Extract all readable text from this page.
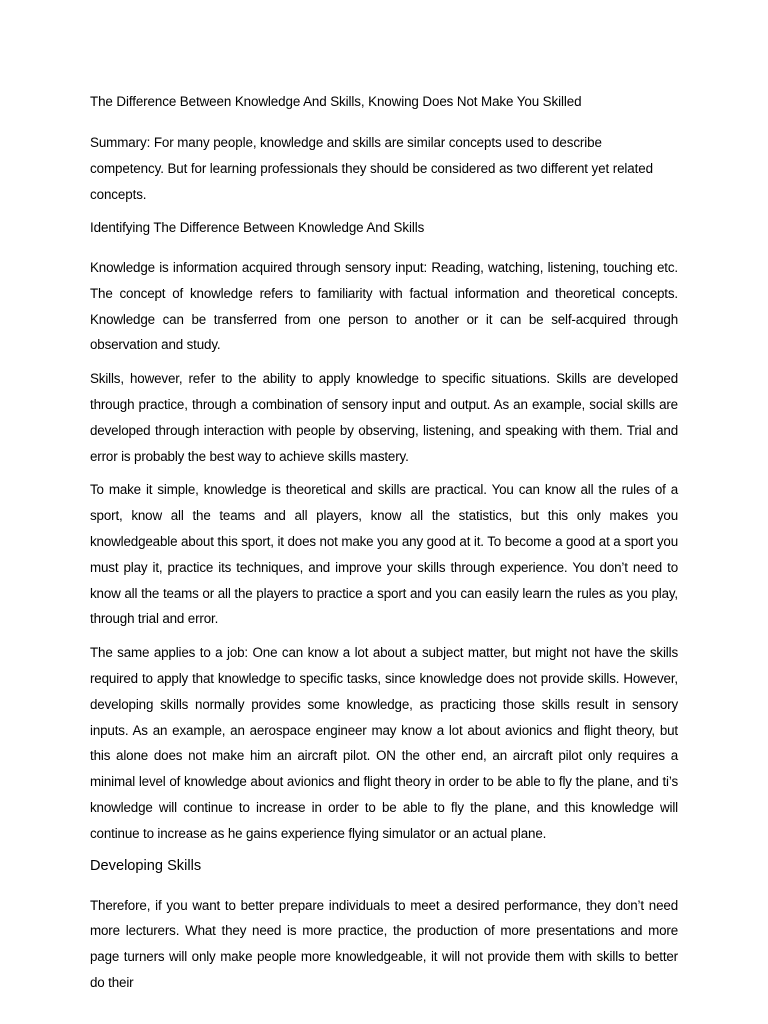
The Difference Between Knowledge And Skills, Knowing Does Not Make You Skilled

Summary: For many people, knowledge and skills are similar concepts used to describe competency. But for learning professionals they should be considered as two different yet related concepts.

Identifying The Difference Between Knowledge And Skills

Knowledge is information acquired through sensory input: Reading, watching, listening, touching etc. The concept of knowledge refers to familiarity with factual information and theoretical concepts. Knowledge can be transferred from one person to another or it can be self-acquired through observation and study.

Skills, however, refer to the ability to apply knowledge to specific situations. Skills are developed through practice, through a combination of sensory input and output. As an example, social skills are developed through interaction with people by observing, listening, and speaking with them. Trial and error is probably the best way to achieve skills mastery.

To make it simple, knowledge is theoretical and skills are practical. You can know all the rules of a sport, know all the teams and all players, know all the statistics, but this only makes you knowledgeable about this sport, it does not make you any good at it. To become a good at a sport you must play it, practice its techniques, and improve your skills through experience. You don’t need to know all the teams or all the players to practice a sport and you can easily learn the rules as you play, through trial and error.

The same applies to a job: One can know a lot about a subject matter, but might not have the skills required to apply that knowledge to specific tasks, since knowledge does not provide skills. However, developing skills normally provides some knowledge, as practicing those skills result in sensory inputs. As an example, an aerospace engineer may know a lot about avionics and flight theory, but this alone does not make him an aircraft pilot. ON the other end, an aircraft pilot only requires a minimal level of knowledge about avionics and flight theory in order to be able to fly the plane, and ti’s knowledge will continue to increase in order to be able to fly the plane, and this knowledge will continue to increase as he gains experience flying simulator or an actual plane.

Developing Skills

Therefore, if you want to better prepare individuals to meet a desired performance, they don’t need more lecturers. What they need is more practice, the production of more presentations and more page turners will only make people more knowledgeable, it will not provide them with skills to better do their
